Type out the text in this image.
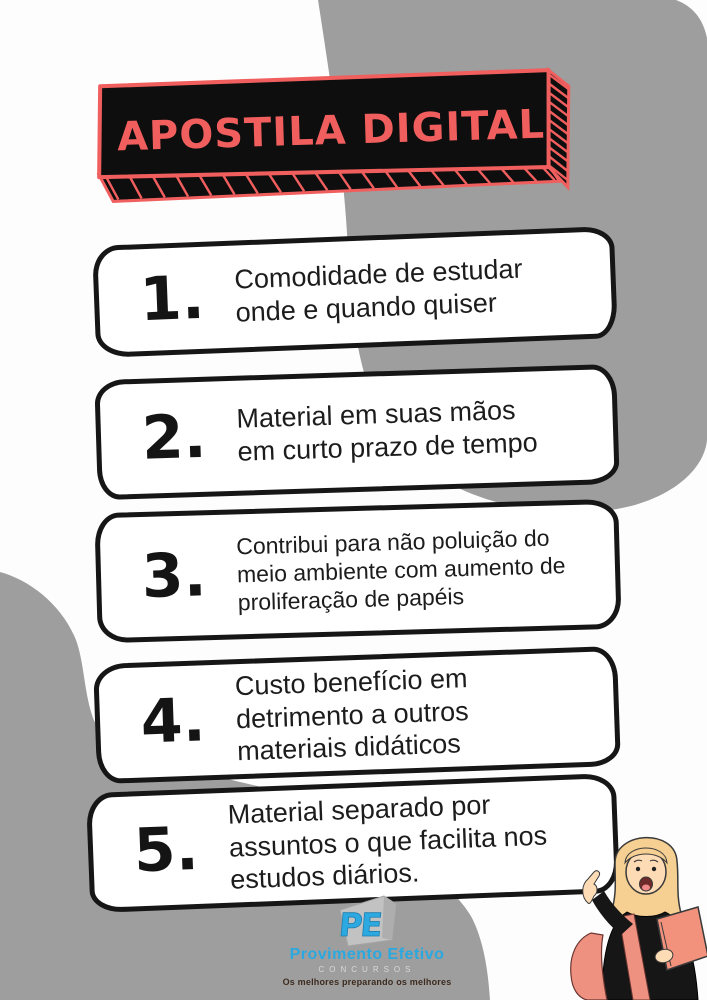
APOSTILA DIGITAL
1.	Comodidade de estudar onde e quando quiser
2.	Material em suas mãos em curto prazo de tempo
3.	Contribui para não poluição do meio ambiente com aumento de proliferação de papéis
4.
Custo benefício em detrimento a outros materiais didáticos
5.
Material separado por assuntos o que facilita nos estudos diários.
PE
Provimento Efetivo
CONCURSOS
Os melhores preparando os melhores
